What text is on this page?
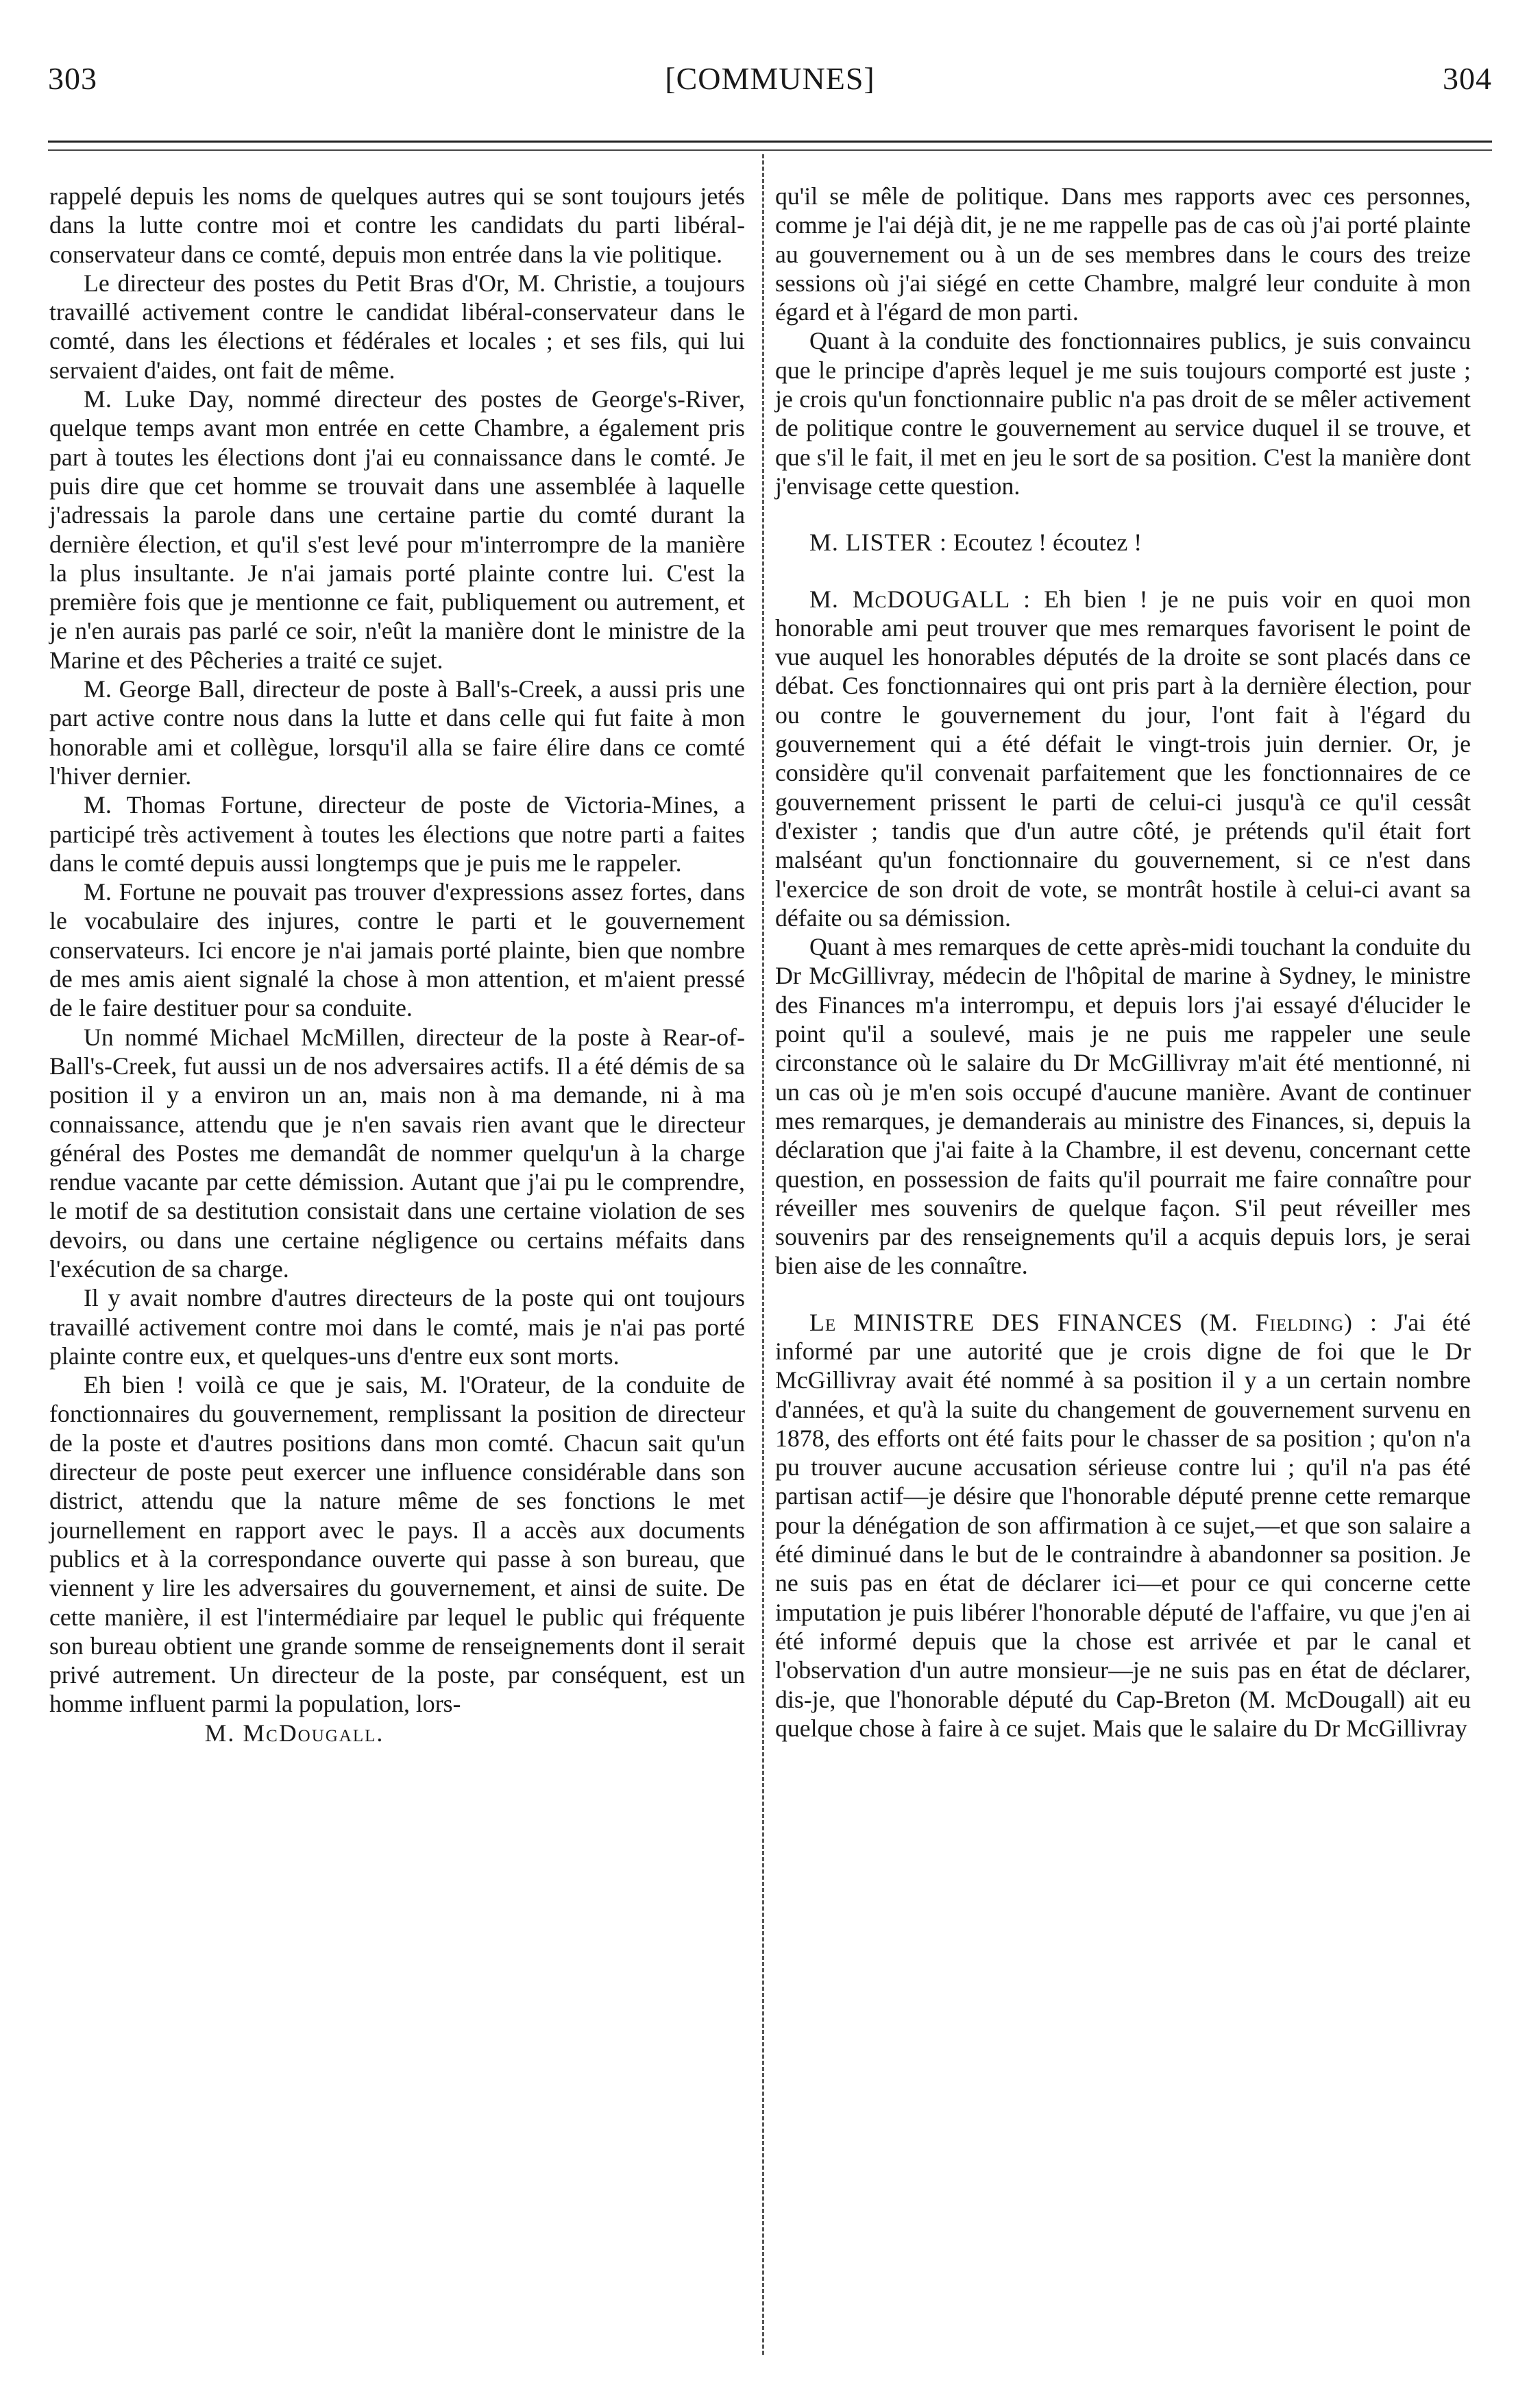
303	[COMMUNES]	304

rappelé depuis les noms de quelques autres qui se sont toujours jetés dans la lutte contre moi et contre les candidats du parti libéral-conservateur dans ce comté, depuis mon entrée dans la vie politique.

Le directeur des postes du Petit Bras d'Or, M. Christie, a toujours travaillé activement contre le candidat libéral-conservateur dans le comté, dans les élections et fédérales et locales ; et ses fils, qui lui servaient d'aides, ont fait de même.

M. Luke Day, nommé directeur des postes de George's-River, quelque temps avant mon entrée en cette Chambre, a également pris part à toutes les élections dont j'ai eu connaissance dans le comté. Je puis dire que cet homme se trouvait dans une assemblée à laquelle j'adressais la parole dans une certaine partie du comté durant la dernière élection, et qu'il s'est levé pour m'interrompre de la manière la plus insultante. Je n'ai jamais porté plainte contre lui. C'est la première fois que je mentionne ce fait, publiquement ou autrement, et je n'en aurais pas parlé ce soir, n'eût la manière dont le ministre de la Marine et des Pêcheries a traité ce sujet.

M. George Ball, directeur de poste à Ball's-Creek, a aussi pris une part active contre nous dans la lutte et dans celle qui fut faite à mon honorable ami et collègue, lorsqu'il alla se faire élire dans ce comté l'hiver dernier.

M. Thomas Fortune, directeur de poste de Victoria-Mines, a participé très activement à toutes les élections que notre parti a faites dans le comté depuis aussi longtemps que je puis me le rappeler.

M. Fortune ne pouvait pas trouver d'expressions assez fortes, dans le vocabulaire des injures, contre le parti et le gouvernement conservateurs. Ici encore je n'ai jamais porté plainte, bien que nombre de mes amis aient signalé la chose à mon attention, et m'aient pressé de le faire destituer pour sa conduite.

Un nommé Michael McMillen, directeur de la poste à Rear-of-Ball's-Creek, fut aussi un de nos adversaires actifs. Il a été démis de sa position il y a environ un an, mais non à ma demande, ni à ma connaissance, attendu que je n'en savais rien avant que le directeur général des Postes me demandât de nommer quelqu'un à la charge rendue vacante par cette démission. Autant que j'ai pu le comprendre, le motif de sa destitution consistait dans une certaine violation de ses devoirs, ou dans une certaine négligence ou certains méfaits dans l'exécution de sa charge.

Il y avait nombre d'autres directeurs de la poste qui ont toujours travaillé activement contre moi dans le comté, mais je n'ai pas porté plainte contre eux, et quelques-uns d'entre eux sont morts.

Eh bien ! voilà ce que je sais, M. l'Orateur, de la conduite de fonctionnaires du gouvernement, remplissant la position de directeur de la poste et d'autres positions dans mon comté. Chacun sait qu'un directeur de poste peut exercer une influence considérable dans son district, attendu que la nature même de ses fonctions le met journellement en rapport avec le pays. Il a accès aux documents publics et à la correspondance ouverte qui passe à son bureau, que viennent y lire les adversaires du gouvernement, et ainsi de suite. De cette manière, il est l'intermédiaire par lequel le public qui fréquente son bureau obtient une grande somme de renseignements dont il serait privé autrement. Un directeur de la poste, par conséquent, est un homme influent parmi la population, lors-

M. McDougall.

qu'il se mêle de politique. Dans mes rapports avec ces personnes, comme je l'ai déjà dit, je ne me rappelle pas de cas où j'ai porté plainte au gouvernement ou à un de ses membres dans le cours des treize sessions où j'ai siégé en cette Chambre, malgré leur conduite à mon égard et à l'égard de mon parti.

Quant à la conduite des fonctionnaires publics, je suis convaincu que le principe d'après lequel je me suis toujours comporté est juste ; je crois qu'un fonctionnaire public n'a pas droit de se mêler activement de politique contre le gouvernement au service duquel il se trouve, et que s'il le fait, il met en jeu le sort de sa position. C'est la manière dont j'envisage cette question.

M. LISTER : Ecoutez ! écoutez !

M. McDOUGALL : Eh bien ! je ne puis voir en quoi mon honorable ami peut trouver que mes remarques favorisent le point de vue auquel les honorables députés de la droite se sont placés dans ce débat. Ces fonctionnaires qui ont pris part à la dernière élection, pour ou contre le gouvernement du jour, l'ont fait à l'égard du gouvernement qui a été défait le vingt-trois juin dernier. Or, je considère qu'il convenait parfaitement que les fonctionnaires de ce gouvernement prissent le parti de celui-ci jusqu'à ce qu'il cessât d'exister ; tandis que d'un autre côté, je prétends qu'il était fort malséant qu'un fonctionnaire du gouvernement, si ce n'est dans l'exercice de son droit de vote, se montrât hostile à celui-ci avant sa défaite ou sa démission.

Quant à mes remarques de cette après-midi touchant la conduite du Dr McGillivray, médecin de l'hôpital de marine à Sydney, le ministre des Finances m'a interrompu, et depuis lors j'ai essayé d'élucider le point qu'il a soulevé, mais je ne puis me rappeler une seule circonstance où le salaire du Dr McGillivray m'ait été mentionné, ni un cas où je m'en sois occupé d'aucune manière. Avant de continuer mes remarques, je demanderais au ministre des Finances, si, depuis la déclaration que j'ai faite à la Chambre, il est devenu, concernant cette question, en possession de faits qu'il pourrait me faire connaître pour réveiller mes souvenirs de quelque façon. S'il peut réveiller mes souvenirs par des renseignements qu'il a acquis depuis lors, je serai bien aise de les connaître.

Le MINISTRE DES FINANCES (M. Fielding) : J'ai été informé par une autorité que je crois digne de foi que le Dr McGillivray avait été nommé à sa position il y a un certain nombre d'années, et qu'à la suite du changement de gouvernement survenu en 1878, des efforts ont été faits pour le chasser de sa position ; qu'on n'a pu trouver aucune accusation sérieuse contre lui ; qu'il n'a pas été partisan actif—je désire que l'honorable député prenne cette remarque pour la dénégation de son affirmation à ce sujet,—et que son salaire a été diminué dans le but de le contraindre à abandonner sa position. Je ne suis pas en état de déclarer ici—et pour ce qui concerne cette imputation je puis libérer l'honorable député de l'affaire, vu que j'en ai été informé depuis que la chose est arrivée et par le canal et l'observation d'un autre monsieur—je ne suis pas en état de déclarer, dis-je, que l'honorable député du Cap-Breton (M. McDougall) ait eu quelque chose à faire à ce sujet. Mais que le salaire du Dr McGillivray
